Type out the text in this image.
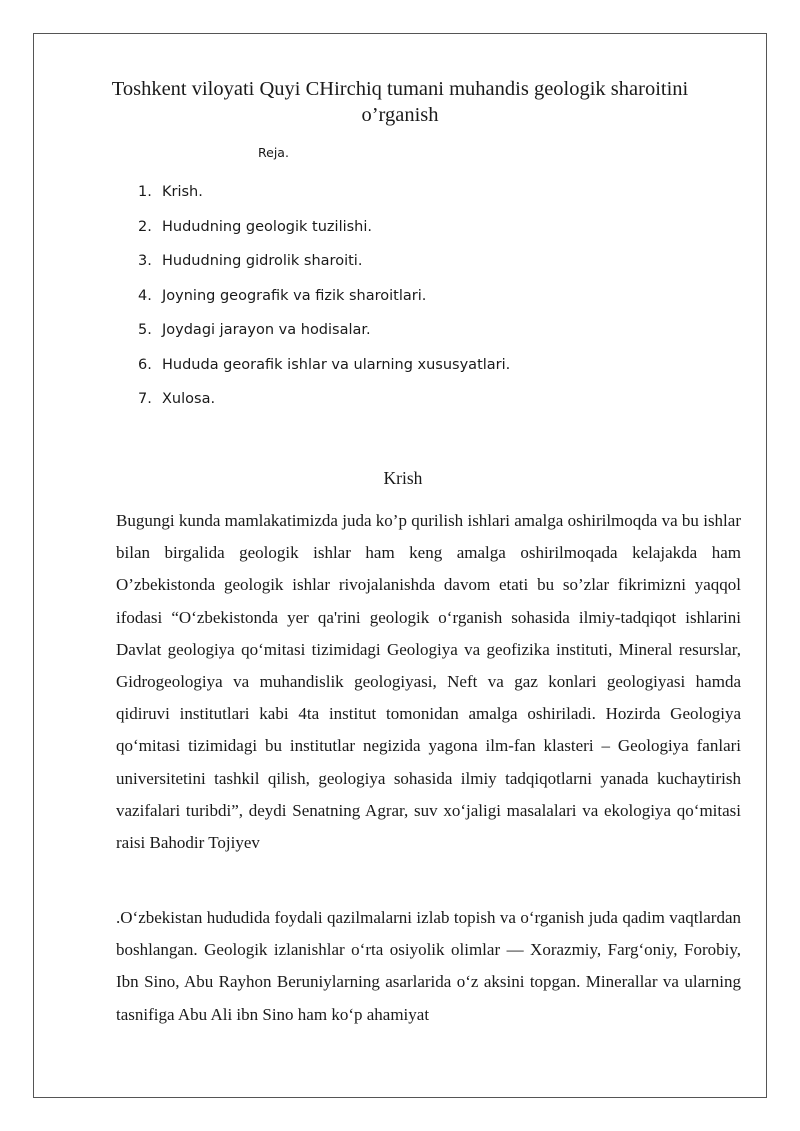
Toshkent viloyati Quyi CHirchiq tumani muhandis geologik sharoitini o’rganish
Reja.
1. Krish.
2. Hududning geologik tuzilishi.
3. Hududning gidrolik sharoiti.
4. Joyning geografik va fizik sharoitlari.
5. Joydagi jarayon va hodisalar.
6. Hududa georafik ishlar va ularning xususyatlari.
7. Xulosa.
Krish

Bugungi kunda mamlakatimizda juda ko’p qurilish ishlari amalga oshirilmoqda va bu ishlar bilan birgalida geologik ishlar ham keng amalga oshirilmoqada kelajakda ham O’zbekistonda geologik ishlar rivojalanishda davom etati bu so’zlar fikrimizni yaqqol ifodasi “O‘zbekistonda yer qa'rini geologik o‘rganish sohasida ilmiy-tadqiqot ishlarini Davlat geologiya qo‘mitasi tizimidagi Geologiya va geofizika instituti, Mineral resurslar, Gidrogeologiya va muhandislik geologiyasi, Neft va gaz konlari geologiyasi hamda qidiruvi institutlari kabi 4ta institut tomonidan amalga oshiriladi. Hozirda Geologiya qo‘mitasi tizimidagi bu institutlar negizida yagona ilm-fan klasteri – Geologiya fanlari universitetini tashkil qilish, geologiya sohasida ilmiy tadqiqotlarni yanada kuchaytirish vazifalari turibdi”, deydi Senatning Agrar, suv xo‘jaligi masalalari va ekologiya qo‘mitasi raisi Bahodir Tojiyev

.O‘zbekistan hududida foydali qazilmalarni izlab topish va o‘rganish juda qadim vaqtlardan boshlangan. Geologik izlanishlar o‘rta osiyolik olimlar — Xorazmiy, Farg‘oniy, Forobiy, Ibn Sino, Abu Rayhon Beruniylarning asarlarida o‘z aksini topgan. Minerallar va ularning tasnifiga Abu Ali ibn Sino ham ko‘p ahamiyat
